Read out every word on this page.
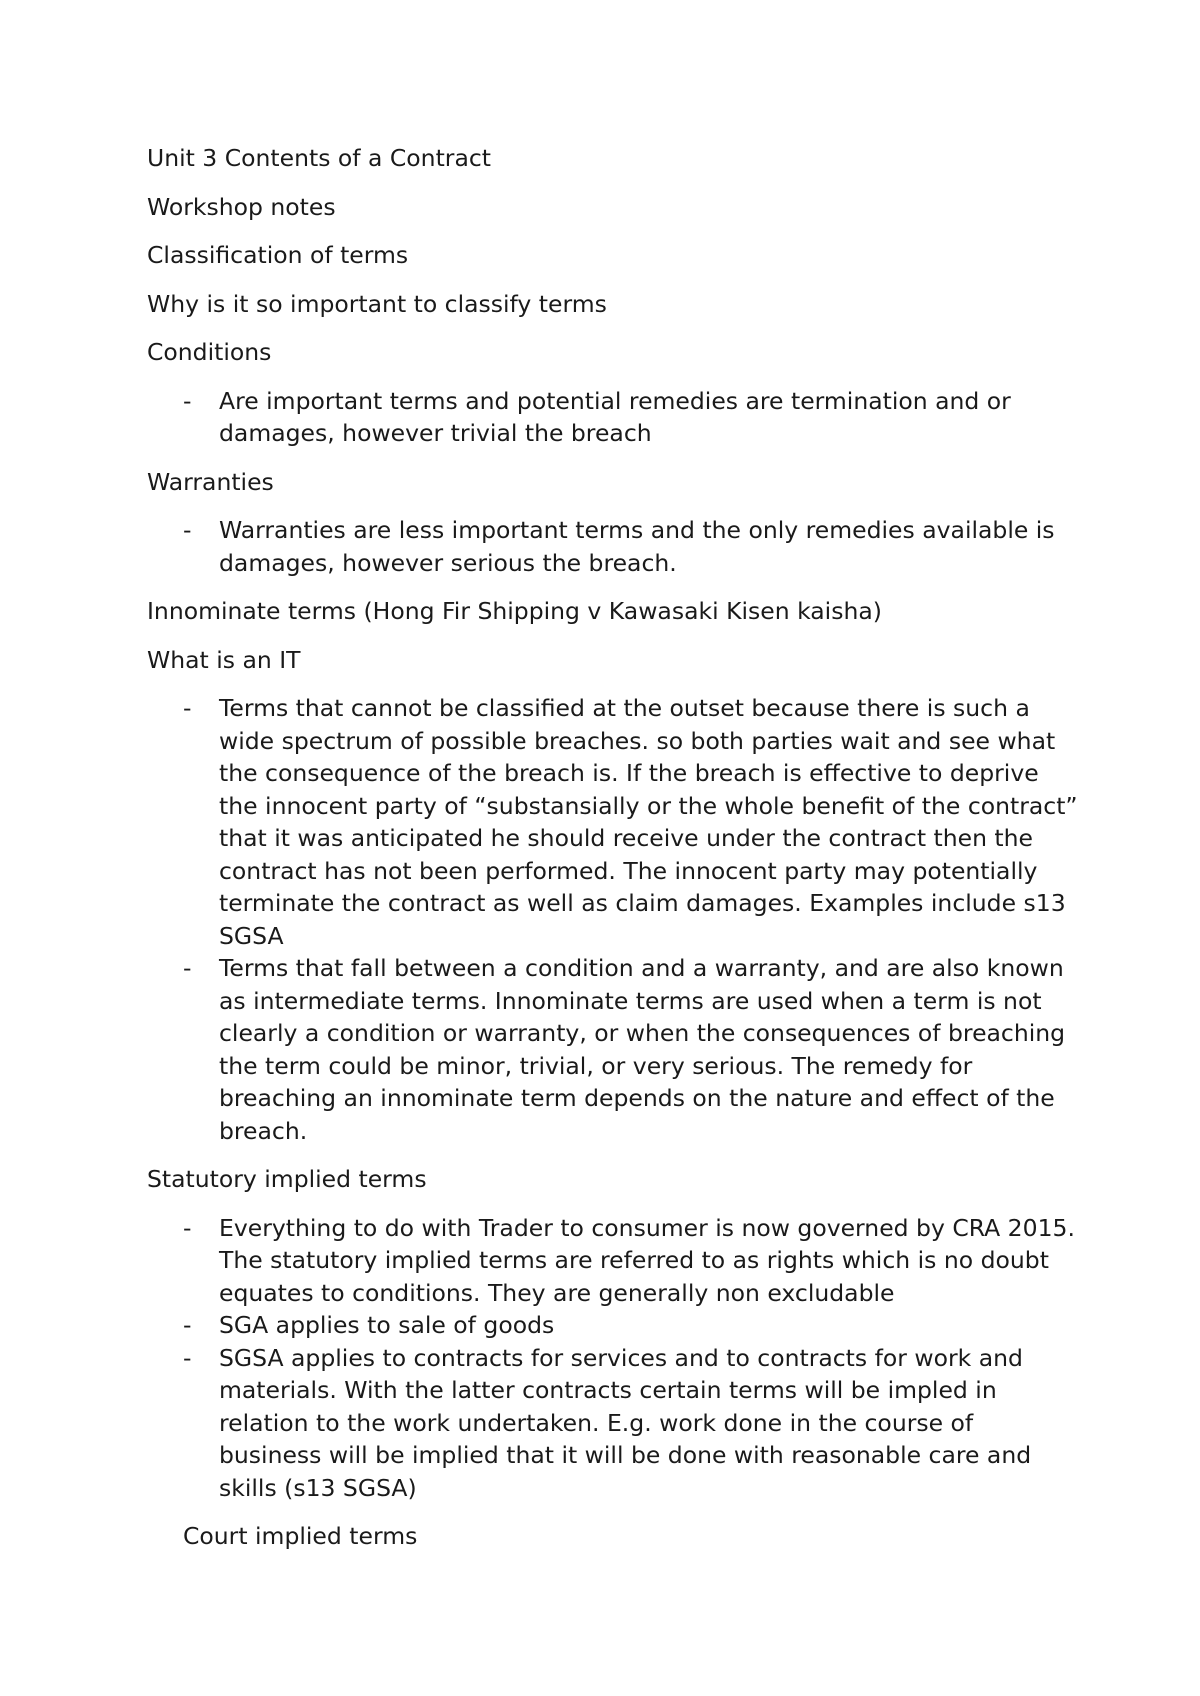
Unit 3 Contents of a Contract

Workshop notes

Classification of terms

Why is it so important to classify terms

Conditions

- Are important terms and potential remedies are termination and or damages, however trivial the breach

Warranties

- Warranties are less important terms and the only remedies available is damages, however serious the breach.

Innominate terms (Hong Fir Shipping v Kawasaki Kisen kaisha)

What is an IT

- Terms that cannot be classified at the outset because there is such a wide spectrum of possible breaches. so both parties wait and see what the consequence of the breach is. If the breach is effective to deprive the innocent party of “substansially or the whole benefit of the contract” that it was anticipated he should receive under the contract then the contract has not been performed. The innocent party may potentially terminate the contract as well as claim damages. Examples include s13 SGSA
- Terms that fall between a condition and a warranty, and are also known as intermediate terms. Innominate terms are used when a term is not clearly a condition or warranty, or when the consequences of breaching the term could be minor, trivial, or very serious. The remedy for breaching an innominate term depends on the nature and effect of the breach.

Statutory implied terms

- Everything to do with Trader to consumer is now governed by CRA 2015. The statutory implied terms are referred to as rights which is no doubt equates to conditions. They are generally non excludable
- SGA applies to sale of goods
- SGSA applies to contracts for services and to contracts for work and materials. With the latter contracts certain terms will be impled in relation to the work undertaken. E.g. work done in the course of business will be implied that it will be done with reasonable care and skills (s13 SGSA)

Court implied terms
